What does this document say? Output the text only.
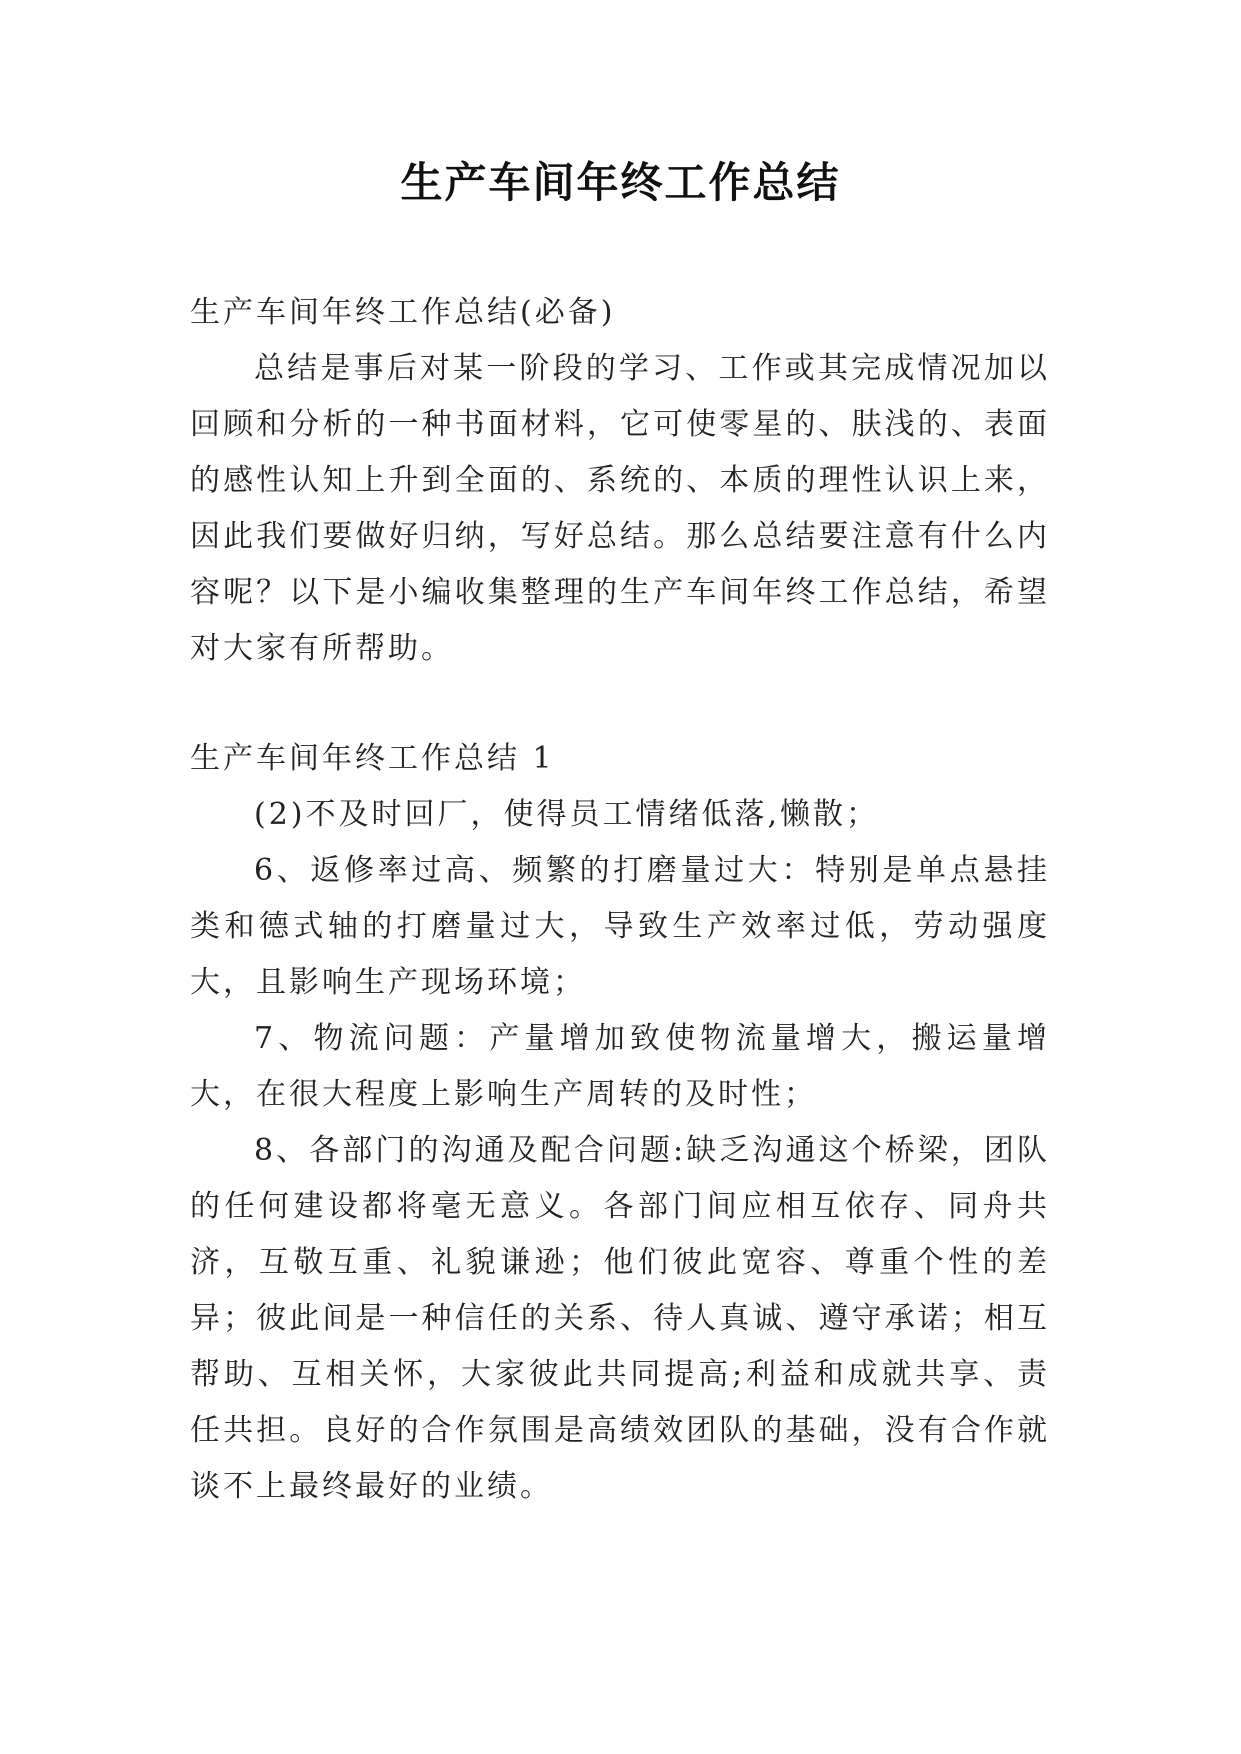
生产车间年终工作总结

生产车间年终工作总结(必备)

总结是事后对某一阶段的学习、工作或其完成情况加以回顾和分析的一种书面材料，它可使零星的、肤浅的、表面的感性认知上升到全面的、系统的、本质的理性认识上来，因此我们要做好归纳，写好总结。那么总结要注意有什么内容呢？以下是小编收集整理的生产车间年终工作总结，希望对大家有所帮助。

生产车间年终工作总结 1

(2)不及时回厂，使得员工情绪低落,懒散；

6、返修率过高、频繁的打磨量过大：特别是单点悬挂类和德式轴的打磨量过大，导致生产效率过低，劳动强度大，且影响生产现场环境；

7、物流问题：产量增加致使物流量增大，搬运量增大，在很大程度上影响生产周转的及时性；

8、各部门的沟通及配合问题:缺乏沟通这个桥梁，团队的任何建设都将毫无意义。各部门间应相互依存、同舟共济，互敬互重、礼貌谦逊；他们彼此宽容、尊重个性的差异；彼此间是一种信任的关系、待人真诚、遵守承诺；相互帮助、互相关怀，大家彼此共同提高;利益和成就共享、责任共担。良好的合作氛围是高绩效团队的基础，没有合作就谈不上最终最好的业绩。
